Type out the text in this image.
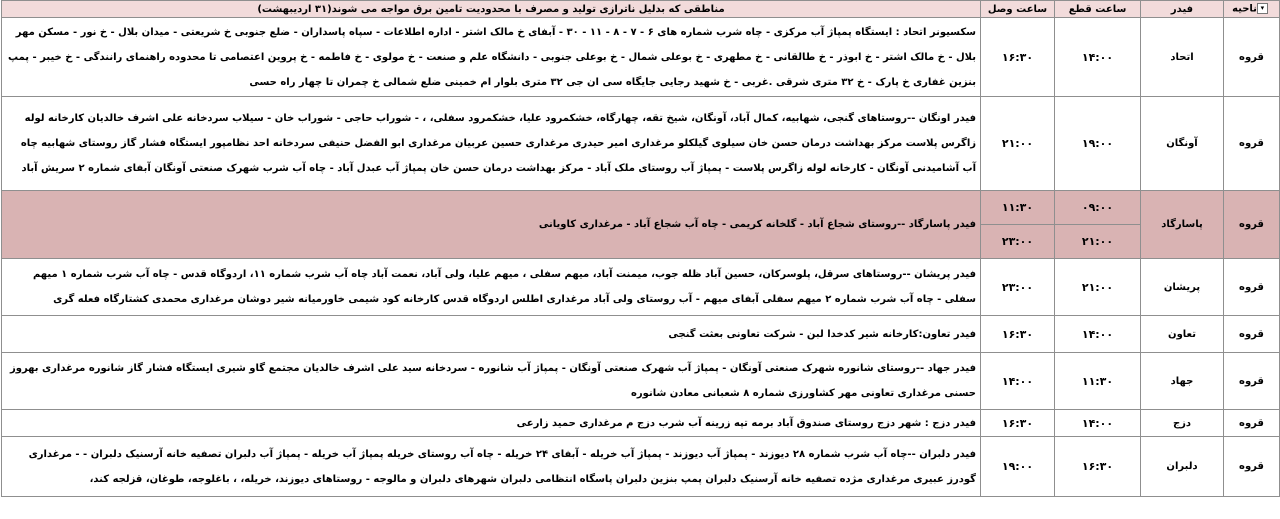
▾ناحیه	فیدر	ساعت قطع	ساعت وصل	مناطقی که بدلیل ناترازی تولید و مصرف با محدودیت تامین برق مواجه می شوند(۳۱ اردیبهشت)
قروه	اتحاد	۱۴:۰۰	۱۶:۳۰	سکسیونر اتحاد : ایستگاه پمپاژ آب مرکزی - چاه شرب شماره های ۶ - ۷ - ۸ - ۱۱ - ۳۰ - آبفای خ مالک اشتر - اداره اطلاعات - سپاه پاسداران - ضلع جنوبی خ شریعتی - میدان بلال - خ نور - مسکن مهر بلال - خ مالک اشتر - خ ابوذر - خ طالقانی - خ مطهری - خ بوعلی شمال - خ بوعلی جنوبی - دانشگاه علم و صنعت - خ مولوی - خ فاطمه - خ پروین اعتصامی تا محدوده راهنمای رانندگی - خ خیبر - پمپ بنزین غفاری خ پارک - خ ۳۲ متری شرقی .غربی - خ شهید رجایی جایگاه سی ان جی ۳۲ متری بلوار ام خمینی ضلع شمالی خ چمران تا چهار راه حسی
قروه	آونگان	۱۹:۰۰	۲۱:۰۰	فیدر اونگان --روستاهای گنجی، شهابیه، کمال آباد، آونگان، شیخ تقه، چهارگاه، خشکمرود علیا، خشکمرود سفلی، ، - شوراب حاجی - شوراب خان - سیلاب سردخانه علی اشرف خالدیان کارخانه لوله زاگرس پلاست مرکز بهداشت درمان حسن خان سیلوی گیلکلو مرغداری امیر حیدری مرغداری حسین عربیان مرغداری ابو الفضل حنیفی سردخانه احد نظامپور ایستگاه فشار گاز روستای شهابیه چاه آب آشامیدنی آونگان - کارخانه لوله زاگرس پلاست - پمپاژ آب روستای ملک آباد - مرکز بهداشت درمان حسن خان پمپاژ آب عبدل آباد - چاه آب شرب شهرک صنعتی آونگان آبفای شماره ۲ سریش آباد
قروه	پاسارگاد	۰۹:۰۰	۱۱:۳۰	فیدر پاسارگاد --روستای شجاع آباد - گلخانه کریمی - چاه آب شجاع آباد - مرغداری کاویانی
		۲۱:۰۰	۲۳:۰۰	
قروه	پریشان	۲۱:۰۰	۲۳:۰۰	فیدر پریشان --روستاهای سرقل، پلوسرکان، حسین آباد ظله جوب، میمنت آباد، میهم سفلی ، میهم علیا، ولی آباد، نعمت آباد چاه آب شرب شماره ۱۱، اردوگاه قدس - چاه آب شرب شماره ۱ میهم سفلی - چاه آب شرب شماره ۲ میهم سفلی آبفای میهم - آب روستای ولی آباد مرغداری اطلس اردوگاه قدس کارخانه کود شیمی خاورمیانه شیر دوشان مرغداری محمدی کشتارگاه فعله گری
قروه	تعاون	۱۴:۰۰	۱۶:۳۰	فیدر تعاون:کارخانه شیر کدخدا لبن - شرکت تعاونی بعثت گنجی
قروه	جهاد	۱۱:۳۰	۱۴:۰۰	فیدر جهاد --روستای شانوره شهرک صنعتی آونگان - پمپاژ آب شهرک صنعتی آونگان - پمپاژ آب شانوره - سردخانه سید علی اشرف خالدیان مجتمع گاو شیری ایستگاه فشار گاز شانوره مرغداری بهروز حسنی مرغداری تعاونی مهر کشاورزی شماره ۸ شعبانی معادن شانوره
قروه	دزج	۱۴:۰۰	۱۶:۳۰	فیدر دزج : شهر دزج روستای صندوق آباد برمه تپه زرینه آب شرب دزج م مرغداری حمید زارعی
قروه	دلبران	۱۶:۳۰	۱۹:۰۰	فیدر دلبران --چاه آب شرب شماره ۲۸ دیوزند - پمپاژ آب دیوزند - پمپاژ آب خریله - آبفای ۲۴ خریله - چاه آب روستای خریله پمپاژ آب خریله - پمپاژ آب دلبران تصفیه خانه آرسنیک دلبران - - مرغداری گودرز عبیری مرغداری مژده تصفیه خانه آرسنیک دلبران پمپ بنزین دلبران پاسگاه انتظامی دلبران شهرهای دلبران و مالوجه - روستاهای دیوزند، خریله، ، باغلوجه، طوغان، قزلجه کند،
